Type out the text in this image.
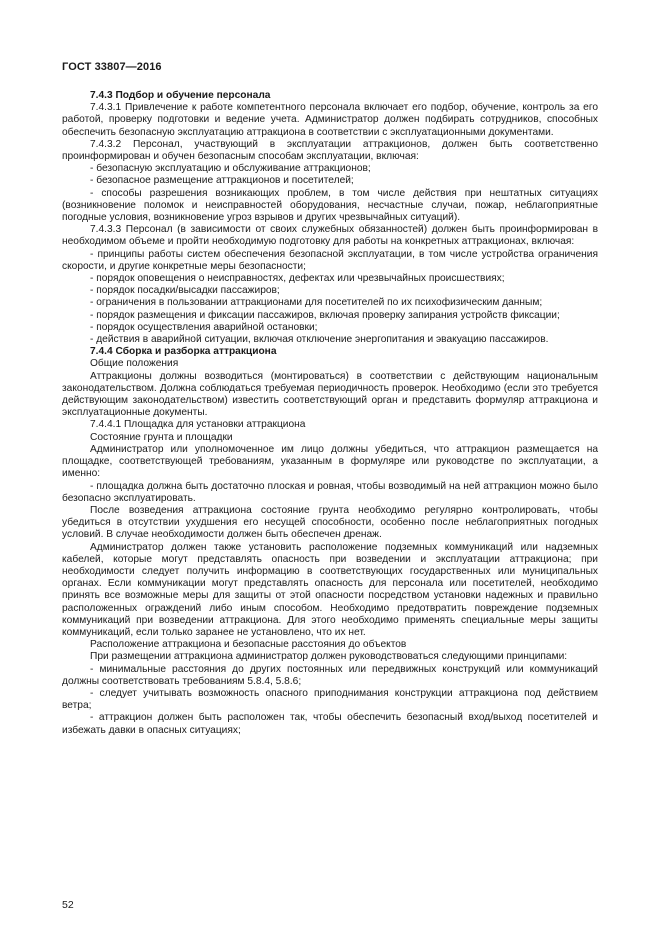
ГОСТ 33807—2016

7.4.3 Подбор и обучение персонала

7.4.3.1 Привлечение к работе компетентного персонала включает его подбор, обучение, контроль за его работой, проверку подготовки и ведение учета. Администратор должен подбирать сотрудников, способных обеспечить безопасную эксплуатацию аттракциона в соответствии с эксплуатационными документами.

7.4.3.2 Персонал, участвующий в эксплуатации аттракционов, должен быть соответственно проинформирован и обучен безопасным способам эксплуатации, включая:

- безопасную эксплуатацию и обслуживание аттракционов;

- безопасное размещение аттракционов и посетителей;

- способы разрешения возникающих проблем, в том числе действия при нештатных ситуациях (возникновение поломок и неисправностей оборудования, несчастные случаи, пожар, неблагоприятные погодные условия, возникновение угроз взрывов и других чрезвычайных ситуаций).

7.4.3.3 Персонал (в зависимости от своих служебных обязанностей) должен быть проинформирован в необходимом объеме и пройти необходимую подготовку для работы на конкретных аттракционах, включая:

- принципы работы систем обеспечения безопасной эксплуатации, в том числе устройства ограничения скорости, и другие конкретные меры безопасности;

- порядок оповещения о неисправностях, дефектах или чрезвычайных происшествиях;

- порядок посадки/высадки пассажиров;

- ограничения в пользовании аттракционами для посетителей по их психофизическим данным;

- порядок размещения и фиксации пассажиров, включая проверку запирания устройств фиксации;

- порядок осуществления аварийной остановки;

- действия в аварийной ситуации, включая отключение энергопитания и эвакуацию пассажиров.

7.4.4 Сборка и разборка аттракциона

Общие положения

Аттракционы должны возводиться (монтироваться) в соответствии с действующим национальным законодательством. Должна соблюдаться требуемая периодичность проверок. Необходимо (если это требуется действующим законодательством) известить соответствующий орган и представить формуляр аттракциона и эксплуатационные документы.

7.4.4.1 Площадка для установки аттракциона

Состояние грунта и площадки

Администратор или уполномоченное им лицо должны убедиться, что аттракцион размещается на площадке, соответствующей требованиям, указанным в формуляре или руководстве по эксплуатации, а именно:

- площадка должна быть достаточно плоская и ровная, чтобы возводимый на ней аттракцион можно было безопасно эксплуатировать.

После возведения аттракциона состояние грунта необходимо регулярно контролировать, чтобы убедиться в отсутствии ухудшения его несущей способности, особенно после неблагоприятных погодных условий. В случае необходимости должен быть обеспечен дренаж.

Администратор должен также установить расположение подземных коммуникаций или надземных кабелей, которые могут представлять опасность при возведении и эксплуатации аттракциона; при необходимости следует получить информацию в соответствующих государственных или муниципальных органах. Если коммуникации могут представлять опасность для персонала или посетителей, необходимо принять все возможные меры для защиты от этой опасности посредством установки надежных и правильно расположенных ограждений либо иным способом. Необходимо предотвратить повреждение подземных коммуникаций при возведении аттракциона. Для этого необходимо применять специальные меры защиты коммуникаций, если только заранее не установлено, что их нет.

Расположение аттракциона и безопасные расстояния до объектов

При размещении аттракциона администратор должен руководствоваться следующими принципами:

- минимальные расстояния до других постоянных или передвижных конструкций или коммуникаций должны соответствовать требованиям 5.8.4, 5.8.6;

- следует учитывать возможность опасного приподнимания конструкции аттракциона под действием ветра;

- аттракцион должен быть расположен так, чтобы обеспечить безопасный вход/выход посетителей и избежать давки в опасных ситуациях;

52
